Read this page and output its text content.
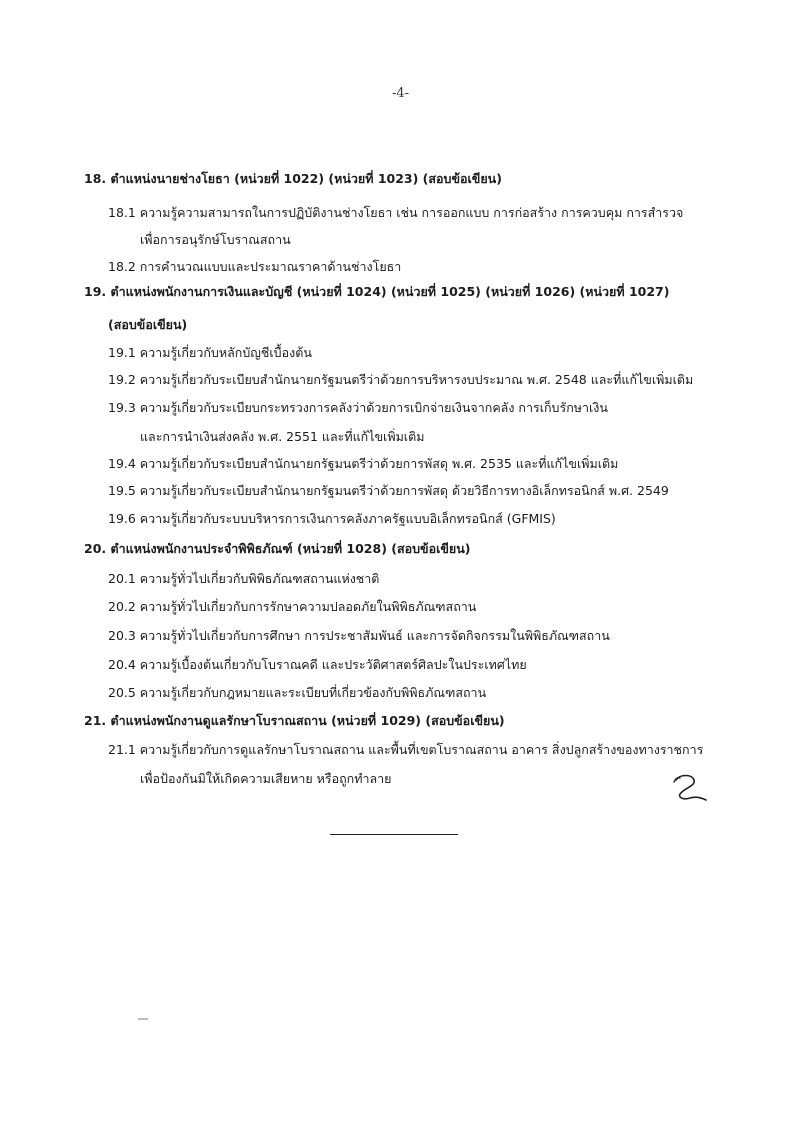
-4-
18. ตำแหน่งนายช่างโยธา (หน่วยที่ 1022) (หน่วยที่ 1023) (สอบข้อเขียน)
18.1 ความรู้ความสามารถในการปฏิบัติงานช่างโยธา เช่น การออกแบบ การก่อสร้าง การควบคุม การสำรวจ
เพื่อการอนุรักษ์โบราณสถาน
18.2 การคำนวณแบบและประมาณราคาด้านช่างโยธา
19. ตำแหน่งพนักงานการเงินและบัญชี (หน่วยที่ 1024) (หน่วยที่ 1025) (หน่วยที่ 1026) (หน่วยที่ 1027)
(สอบข้อเขียน)
19.1 ความรู้เกี่ยวกับหลักบัญชีเบื้องต้น
19.2 ความรู้เกี่ยวกับระเบียบสำนักนายกรัฐมนตรีว่าด้วยการบริหารงบประมาณ พ.ศ. 2548 และที่แก้ไขเพิ่มเติม
19.3 ความรู้เกี่ยวกับระเบียบกระทรวงการคลังว่าด้วยการเบิกจ่ายเงินจากคลัง การเก็บรักษาเงิน
และการนำเงินส่งคลัง พ.ศ. 2551 และที่แก้ไขเพิ่มเติม
19.4 ความรู้เกี่ยวกับระเบียบสำนักนายกรัฐมนตรีว่าด้วยการพัสดุ พ.ศ. 2535 และที่แก้ไขเพิ่มเติม
19.5 ความรู้เกี่ยวกับระเบียบสำนักนายกรัฐมนตรีว่าด้วยการพัสดุ ด้วยวิธีการทางอิเล็กทรอนิกส์ พ.ศ. 2549
19.6 ความรู้เกี่ยวกับระบบบริหารการเงินการคลังภาครัฐแบบอิเล็กทรอนิกส์ (GFMIS)
20. ตำแหน่งพนักงานประจำพิพิธภัณฑ์ (หน่วยที่ 1028) (สอบข้อเขียน)
20.1 ความรู้ทั่วไปเกี่ยวกับพิพิธภัณฑสถานแห่งชาติ
20.2 ความรู้ทั่วไปเกี่ยวกับการรักษาความปลอดภัยในพิพิธภัณฑสถาน
20.3 ความรู้ทั่วไปเกี่ยวกับการศึกษา การประชาสัมพันธ์ และการจัดกิจกรรมในพิพิธภัณฑสถาน
20.4 ความรู้เบื้องต้นเกี่ยวกับโบราณคดี และประวัติศาสตร์ศิลปะในประเทศไทย
20.5 ความรู้เกี่ยวกับกฎหมายและระเบียบที่เกี่ยวข้องกับพิพิธภัณฑสถาน
21. ตำแหน่งพนักงานดูแลรักษาโบราณสถาน (หน่วยที่ 1029) (สอบข้อเขียน)
21.1 ความรู้เกี่ยวกับการดูแลรักษาโบราณสถาน และพื้นที่เขตโบราณสถาน อาคาร สิ่งปลูกสร้างของทางราชการ
เพื่อป้องกันมิให้เกิดความเสียหาย หรือถูกทำลาย
